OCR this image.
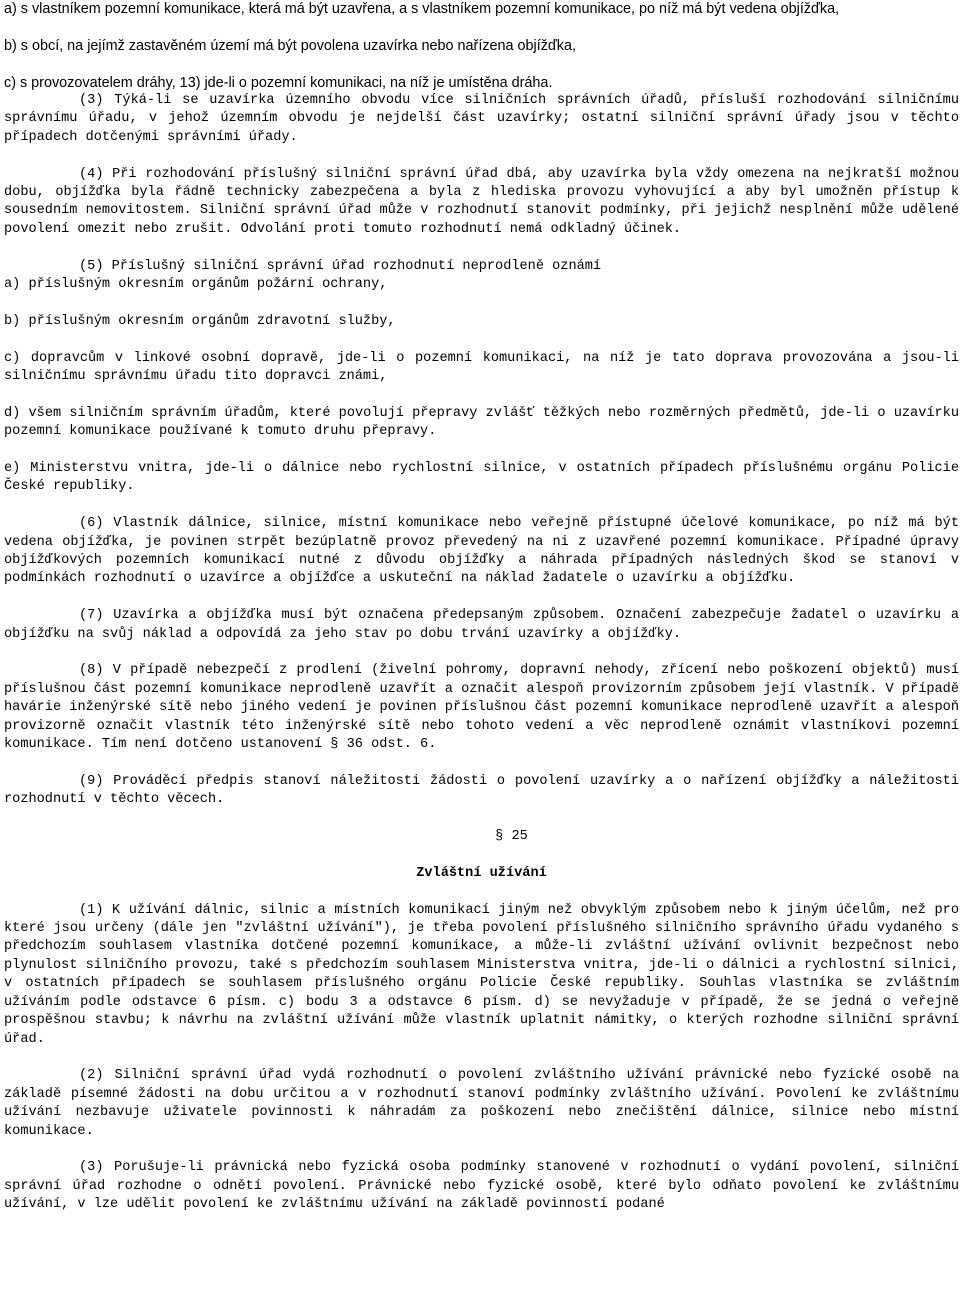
a) s vlastníkem pozemní komunikace, která má být uzavřena, a s vlastníkem pozemní komunikace, po níž má být vedena objížďka,

b) s obcí, na jejímž zastavěném území má být povolena uzavírka nebo nařízena objížďka,

c) s provozovatelem dráhy, 13) jde-li o pozemní komunikaci, na níž je umístěna dráha.

(3) Týká-li se uzavírka územního obvodu více silničních správních úřadů, přísluší rozhodování silničnímu správnímu úřadu, v jehož územním obvodu je nejdelší část uzavírky; ostatní silniční správní úřady jsou v těchto případech dotčenými správními úřady.

(4) Při rozhodování příslušný silniční správní úřad dbá, aby uzavírka byla vždy omezena na nejkratší možnou dobu, objížďka byla řádně technicky zabezpečena a byla z hlediska provozu vyhovující a aby byl umožněn přístup k sousedním nemovitostem. Silniční správní úřad může v rozhodnutí stanovit podmínky, při jejichž nesplnění může udělené povolení omezit nebo zrušit. Odvolání proti tomuto rozhodnutí nemá odkladný účinek.

(5) Příslušný silniční správní úřad rozhodnutí neprodleně oznámí

a) příslušným okresním orgánům požární ochrany,

b) příslušným okresním orgánům zdravotní služby,

c) dopravcům v linkové osobní dopravě, jde-li o pozemní komunikaci, na níž je tato doprava provozována a jsou-li silničnímu správnímu úřadu tito dopravci známi,

d) všem silničním správním úřadům, které povolují přepravy zvlášť těžkých nebo rozměrných předmětů, jde-li o uzavírku pozemní komunikace používané k tomuto druhu přepravy.

e) Ministerstvu vnitra, jde-li o dálnice nebo rychlostní silnice, v ostatních případech příslušnému orgánu Policie České republiky.

(6) Vlastník dálnice, silnice, místní komunikace nebo veřejně přístupné účelové komunikace, po níž má být vedena objížďka, je povinen strpět bezúplatně provoz převedený na ni z uzavřené pozemní komunikace. Případné úpravy objížďkových pozemních komunikací nutné z důvodu objížďky a náhrada případných následných škod se stanoví v podmínkách rozhodnutí o uzavírce a objížďce a uskuteční na náklad žadatele o uzavírku a objížďku.

(7) Uzavírka a objížďka musí být označena předepsaným způsobem. Označení zabezpečuje žadatel o uzavírku a objížďku na svůj náklad a odpovídá za jeho stav po dobu trvání uzavírky a objížďky.

(8) V případě nebezpečí z prodlení (živelní pohromy, dopravní nehody, zřícení nebo poškození objektů) musí příslušnou část pozemní komunikace neprodleně uzavřít a označit alespoň provizorním způsobem její vlastník. V případě havárie inženýrské sítě nebo jiného vedení je povinen příslušnou část pozemní komunikace neprodleně uzavřít a alespoň provizorně označit vlastník této inženýrské sítě nebo tohoto vedení a věc neprodleně oznámit vlastníkovi pozemní komunikace. Tím není dotčeno ustanovení § 36 odst. 6.

(9) Prováděcí předpis stanoví náležitosti žádosti o povolení uzavírky a o nařízení objížďky a náležitosti rozhodnutí v těchto věcech.

§ 25

Zvláštní užívání

(1) K užívání dálnic, silnic a místních komunikací jiným než obvyklým způsobem nebo k jiným účelům, než pro které jsou určeny (dále jen "zvláštní užívání"), je třeba povolení příslušného silničního správního úřadu vydaného s předchozím souhlasem vlastníka dotčené pozemní komunikace, a může-li zvláštní užívání ovlivnit bezpečnost nebo plynulost silničního provozu, také s předchozím souhlasem Ministerstva vnitra, jde-li o dálnici a rychlostní silnici, v ostatních případech se souhlasem příslušného orgánu Policie České republiky. Souhlas vlastníka se zvláštním užíváním podle odstavce 6 písm. c) bodu 3 a odstavce 6 písm. d) se nevyžaduje v případě, že se jedná o veřejně prospěšnou stavbu; k návrhu na zvláštní užívání může vlastník uplatnit námitky, o kterých rozhodne silniční správní úřad.

(2) Silniční správní úřad vydá rozhodnutí o povolení zvláštního užívání právnické nebo fyzické osobě na základě písemné žádosti na dobu určitou a v rozhodnutí stanoví podmínky zvláštního užívání. Povolení ke zvláštnímu užívání nezbavuje uživatele povinnosti k náhradám za poškození nebo znečištění dálnice, silnice nebo místní komunikace.

(3) Porušuje-li právnická nebo fyzická osoba podmínky stanovené v rozhodnutí o vydání povolení, silniční správní úřad rozhodne o odnětí povolení. Právnické nebo fyzické osobě, které bylo odňato povolení ke zvláštnímu užívání, v lze udělit povolení ke zvláštnímu užívání na základě povinností podané
